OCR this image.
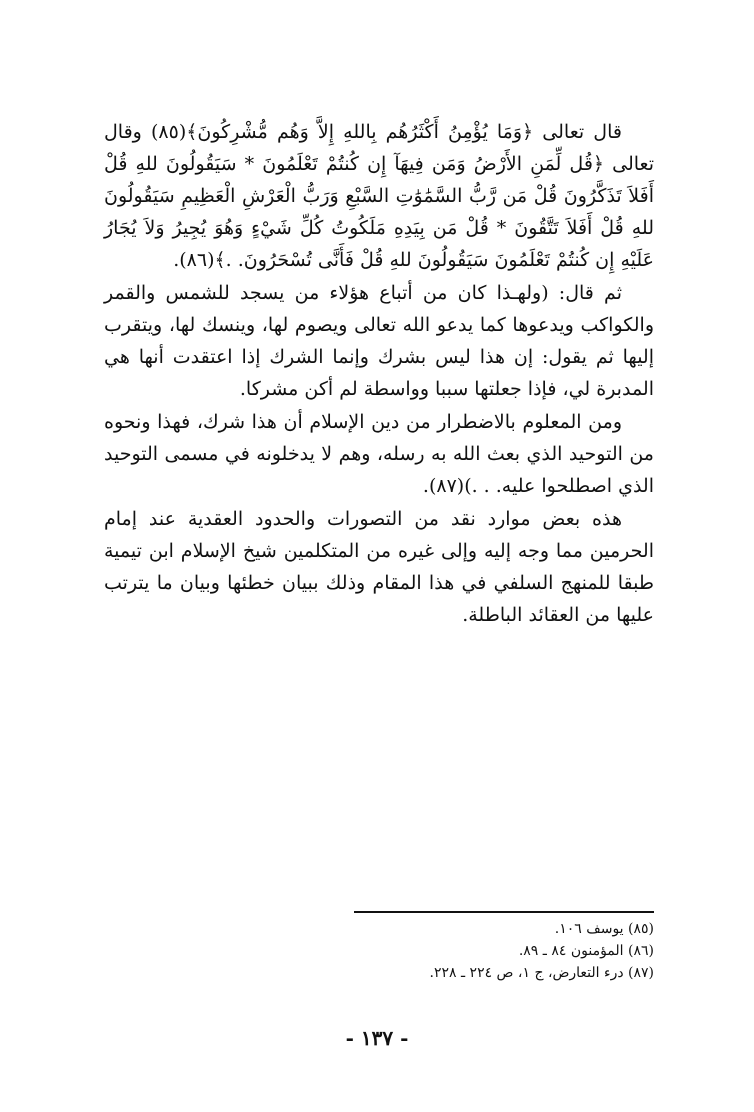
قال تعالى ﴿وَمَا يُؤْمِنُ أَكْثَرُهُم بِاللهِ إِلاَّ وَهُم مُّشْرِكُونَ﴾(٨٥) وقال تعالى ﴿قُل لِّمَنِ الأَرْضُ وَمَن فِيهَآ إِن كُنتُمْ تَعْلَمُونَ * سَيَقُولُونَ للهِ قُلْ أَفَلاَ تَذَكَّرُونَ قُلْ مَن رَّبُّ السَّمَٰوَٰتِ السَّبْعِ وَرَبُّ الْعَرْشِ الْعَظِيمِ سَيَقُولُونَ للهِ قُلْ أَفَلاَ تَتَّقُونَ * قُلْ مَن بِيَدِهِ مَلَكُوتُ كُلِّ شَيْءٍ وَهُوَ يُجِيرُ وَلاَ يُجَارُ عَلَيْهِ إِن كُنتُمْ تَعْلَمُونَ سَيَقُولُونَ للهِ قُلْ فَأَنَّى تُسْحَرُونَ. .﴾(٨٦).

ثم قال: (ولهـذا كان من أتباع هؤلاء من يسجد للشمس والقمر والكواكب ويدعوها كما يدعو الله تعالى ويصوم لها، وينسك لها، ويتقرب إليها ثم يقول: إن هذا ليس بشرك وإنما الشرك إذا اعتقدت أنها هي المدبرة لي، فإذا جعلتها سببا وواسطة لم أكن مشركا.

ومن المعلوم بالاضطرار من دين الإسلام أن هذا شرك، فهذا ونحوه من التوحيد الذي بعث الله به رسله، وهم لا يدخلونه في مسمى التوحيد الذي اصطلحوا عليه. . .)(٨٧).

هذه بعض موارد نقد من التصورات والحدود العقدية عند إمام الحرمين مما وجه إليه وإلى غيره من المتكلمين شيخ الإسلام ابن تيمية طبقا للمنهج السلفي في هذا المقام وذلك ببيان خطئها وبيان ما يترتب عليها من العقائد الباطلة.

(٨٥) يوسف ١٠٦.

(٨٦) المؤمنون ٨٤ ـ ٨٩.

(٨٧) درء التعارض، ج ١، ص ٢٢٤ ـ ٢٢٨.

- ١٣٧ -
